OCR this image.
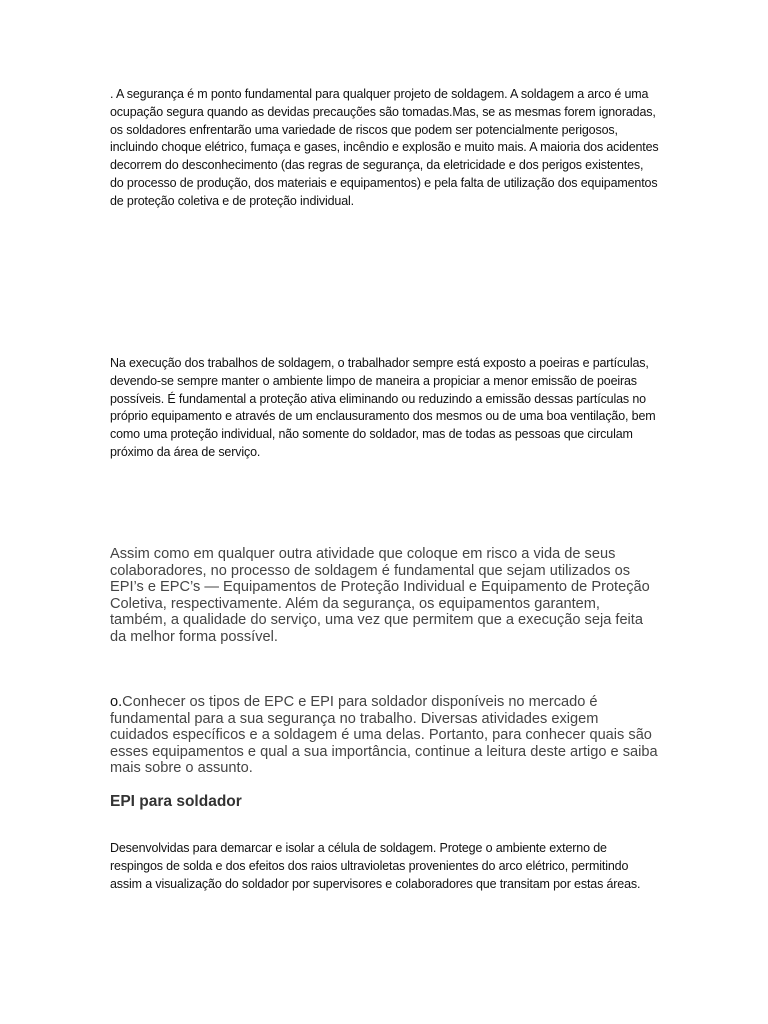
. A segurança é m ponto fundamental para qualquer projeto de soldagem. A soldagem a arco é uma ocupação segura quando as devidas precauções são tomadas.Mas, se as mesmas forem ignoradas, os soldadores enfrentarão uma variedade de riscos que podem ser potencialmente perigosos, incluindo choque elétrico, fumaça e gases, incêndio e explosão e muito mais. A maioria dos acidentes decorrem do desconhecimento (das regras de segurança, da eletricidade e dos perigos existentes, do processo de produção, dos materiais e equipamentos) e pela falta de utilização dos equipamentos de proteção coletiva e de proteção individual.

Na execução dos trabalhos de soldagem, o trabalhador sempre está exposto a poeiras e partículas, devendo-se sempre manter o ambiente limpo de maneira a propiciar a menor emissão de poeiras possíveis. É fundamental a proteção ativa eliminando ou reduzindo a emissão dessas partículas no próprio equipamento e através de um enclausuramento dos mesmos ou de uma boa ventilação, bem como uma proteção individual, não somente do soldador, mas de todas as pessoas que circulam próximo da área de serviço.

Assim como em qualquer outra atividade que coloque em risco a vida de seus colaboradores, no processo de soldagem é fundamental que sejam utilizados os EPI’s e EPC’s — Equipamentos de Proteção Individual e Equipamento de Proteção Coletiva, respectivamente. Além da segurança, os equipamentos garantem, também, a qualidade do serviço, uma vez que permitem que a execução seja feita da melhor forma possível.

o.Conhecer os tipos de EPC e EPI para soldador disponíveis no mercado é fundamental para a sua segurança no trabalho. Diversas atividades exigem cuidados específicos e a soldagem é uma delas. Portanto, para conhecer quais são esses equipamentos e qual a sua importância, continue a leitura deste artigo e saiba mais sobre o assunto.

EPI para soldador

Desenvolvidas para demarcar e isolar a célula de soldagem. Protege o ambiente externo de respingos de solda e dos efeitos dos raios ultravioletas provenientes do arco elétrico, permitindo assim a visualização do soldador por supervisores e colaboradores que transitam por estas áreas.
